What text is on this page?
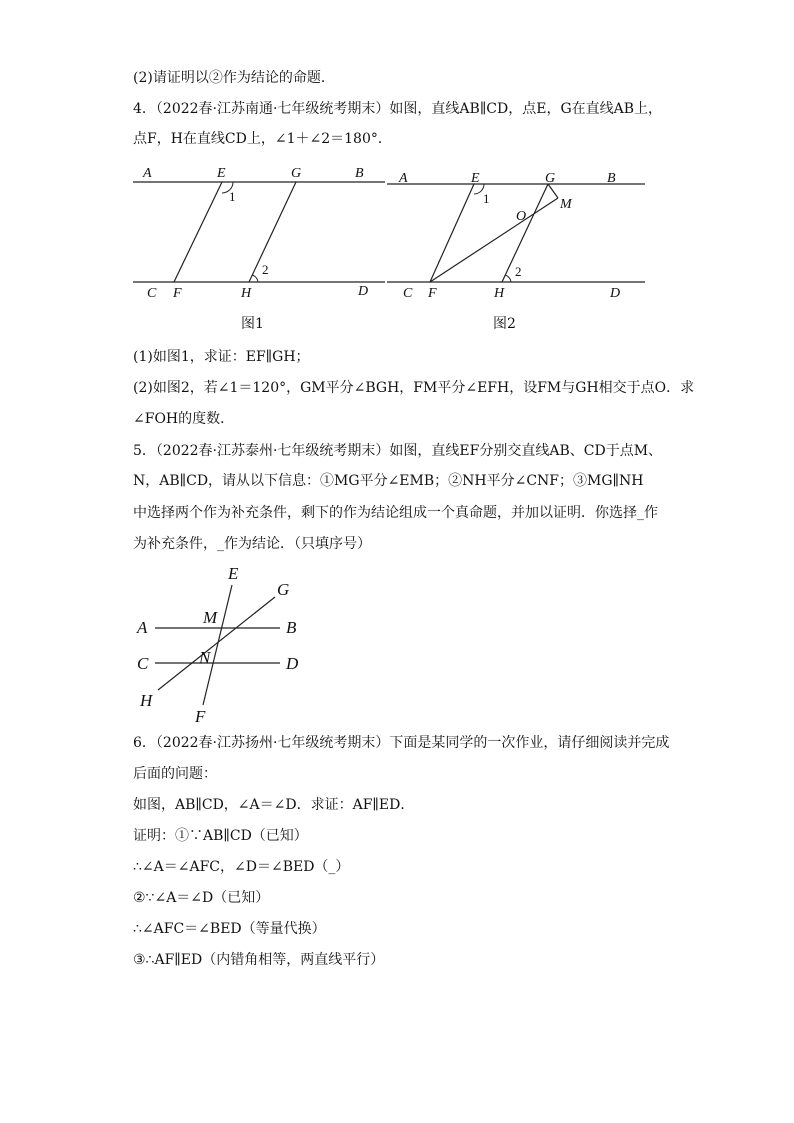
(2)请证明以②作为结论的命题．
4．（2022春·江苏南通·七年级统考期末）如图，直线AB∥CD，点E，G在直线AB上，
点F，H在直线CD上，∠1＋∠2＝180°．
A	E	G	B
1
2
C F	H	D
图1
A	E	G	B
M
O
1
2
C F	H	D
图2
(1)如图1，求证：EF∥GH；
(2)如图2，若∠1＝120°，GM平分∠BGH，FM平分∠EFH，设FM与GH相交于点O．求
∠FOH的度数．
5．（2022春·江苏泰州·七年级统考期末）如图，直线EF分别交直线AB、CD于点M、
N，AB∥CD，请从以下信息：①MG平分∠EMB；②NH平分∠CNF；③MG∥NH
中选择两个作为补充条件，剩下的作为结论组成一个真命题，并加以证明．你选择_作
为补充条件，_作为结论．（只填序号）
E
G
M
A	B
N
C	D
H
F
6．（2022春·江苏扬州·七年级统考期末）下面是某同学的一次作业，请仔细阅读并完成
后面的问题：
如图，AB∥CD，∠A＝∠D．求证：AF∥ED．
证明：①∵AB∥CD（已知）
∴∠A＝∠AFC，∠D＝∠BED（_）
②∵∠A＝∠D（已知）
∴∠AFC＝∠BED（等量代换）
③∴AF∥ED（内错角相等，两直线平行）
